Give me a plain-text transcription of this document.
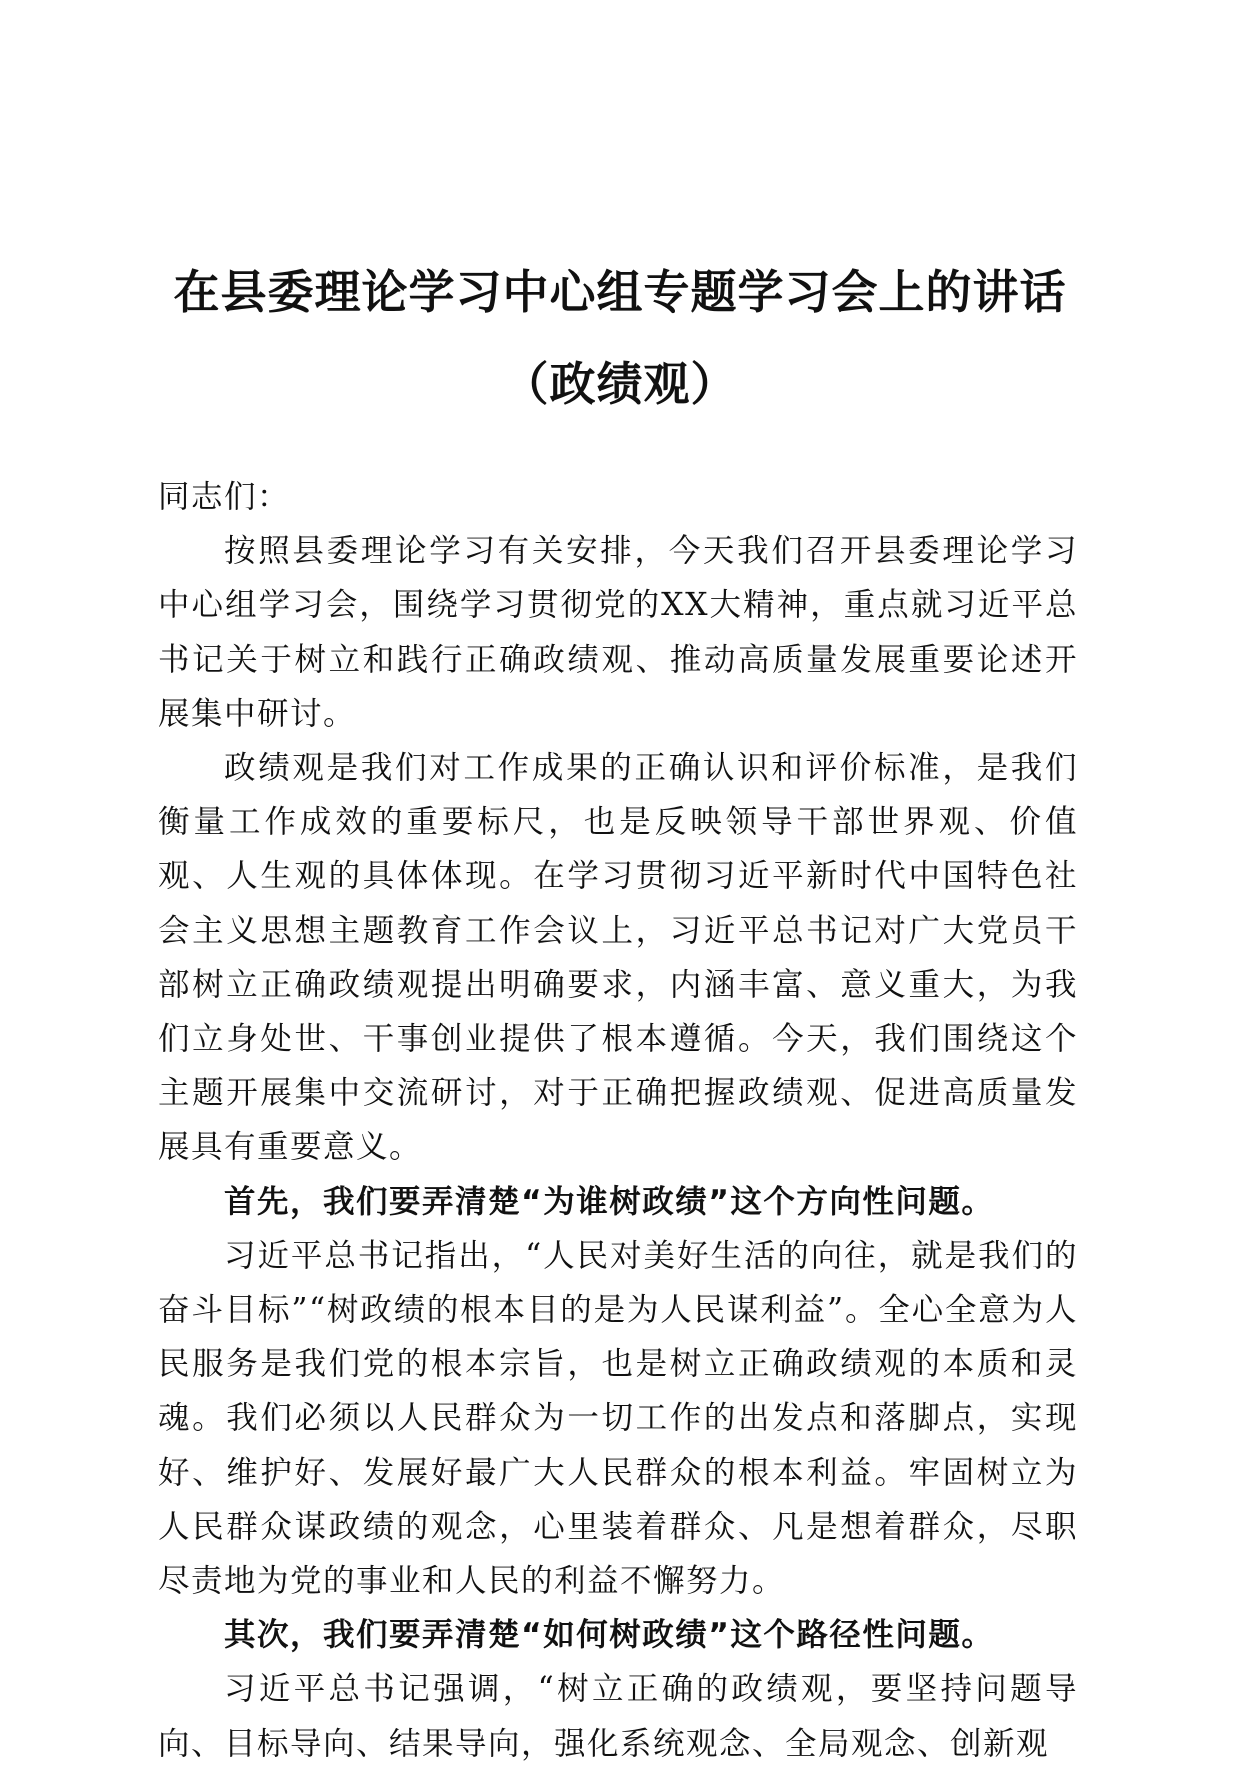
在县委理论学习中心组专题学习会上的讲话
（政绩观）

同志们：

按照县委理论学习有关安排，今天我们召开县委理论学习中心组学习会，围绕学习贯彻党的XX大精神，重点就习近平总书记关于树立和践行正确政绩观、推动高质量发展重要论述开展集中研讨。

政绩观是我们对工作成果的正确认识和评价标准，是我们衡量工作成效的重要标尺，也是反映领导干部世界观、价值观、人生观的具体体现。在学习贯彻习近平新时代中国特色社会主义思想主题教育工作会议上，习近平总书记对广大党员干部树立正确政绩观提出明确要求，内涵丰富、意义重大，为我们立身处世、干事创业提供了根本遵循。今天，我们围绕这个主题开展集中交流研讨，对于正确把握政绩观、促进高质量发展具有重要意义。

首先，我们要弄清楚“为谁树政绩”这个方向性问题。

习近平总书记指出，“人民对美好生活的向往，就是我们的奋斗目标”“树政绩的根本目的是为人民谋利益”。全心全意为人民服务是我们党的根本宗旨，也是树立正确政绩观的本质和灵魂。我们必须以人民群众为一切工作的出发点和落脚点，实现好、维护好、发展好最广大人民群众的根本利益。牢固树立为人民群众谋政绩的观念，心里装着群众、凡是想着群众，尽职尽责地为党的事业和人民的利益不懈努力。

其次，我们要弄清楚“如何树政绩”这个路径性问题。

习近平总书记强调，“树立正确的政绩观，要坚持问题导向、目标导向、结果导向，强化系统观念、全局观念、创新观
